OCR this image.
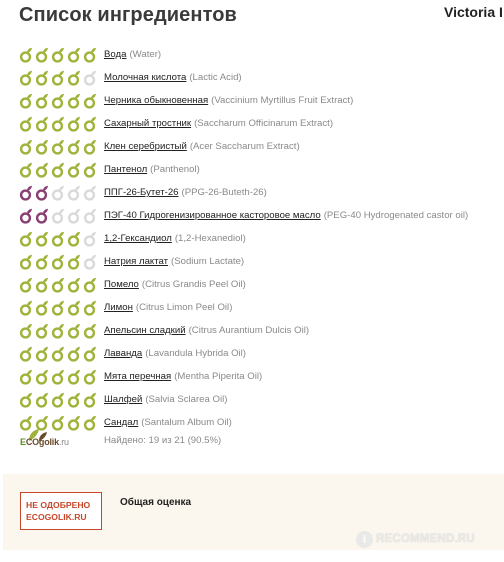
Список ингредиентов	Victoria I
Вода (Water)
Молочная кислота (Lactic Acid)
Черника обыкновенная (Vaccinium Myrtillus Fruit Extract)
Сахарный тростник (Saccharum Officinarum Extract)
Клен серебристый (Acer Saccharum Extract)
Пантенол (Panthenol)
ППГ-26-Бутет-26 (PPG-26-Buteth-26)
ПЭГ-40 Гидрогенизированное касторовое масло (PEG-40 Hydrogenated castor oil)
1,2-Гександиол (1,2-Hexanediol)
Натрия лактат (Sodium Lactate)
Помело (Citrus Grandis Peel Oil)
Лимон (Citrus Limon Peel Oil)
Апельсин сладкий (Citrus Aurantium Dulcis Oil)
Лаванда (Lavandula Hybrida Oil)
Мята перечная (Mentha Piperita Oil)
Шалфей (Salvia Sclarea Oil)
Сандал (Santalum Album Oil)
ECOgolik.ru	Найдено: 19 из 21 (90.5%)
НЕ ОДОБРЕНО
ECOGOLIK.RU
Общая оценка
i RECOMMEND.RU
